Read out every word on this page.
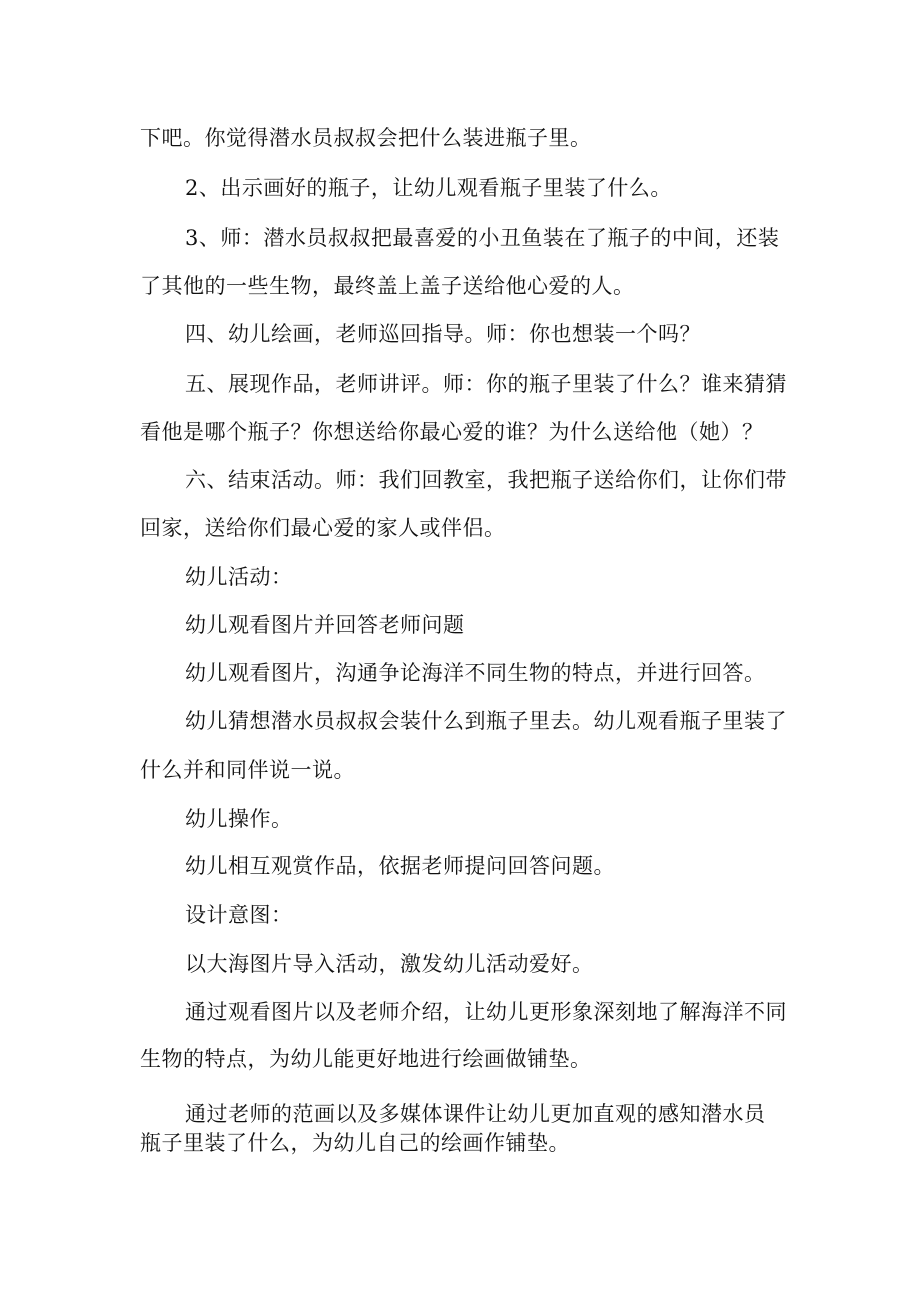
下吧。你觉得潜水员叔叔会把什么装进瓶子里。
2、出示画好的瓶子，让幼儿观看瓶子里装了什么。
3、师：潜水员叔叔把最喜爱的小丑鱼装在了瓶子的中间，还装
了其他的一些生物，最终盖上盖子送给他心爱的人。
四、幼儿绘画，老师巡回指导。师：你也想装一个吗？
五、展现作品，老师讲评。师：你的瓶子里装了什么？谁来猜猜
看他是哪个瓶子？你想送给你最心爱的谁？为什么送给他（她）？
六、结束活动。师：我们回教室，我把瓶子送给你们，让你们带
回家，送给你们最心爱的家人或伴侣。
幼儿活动：
幼儿观看图片并回答老师问题
幼儿观看图片，沟通争论海洋不同生物的特点，并进行回答。
幼儿猜想潜水员叔叔会装什么到瓶子里去。幼儿观看瓶子里装了
什么并和同伴说一说。
幼儿操作。
幼儿相互观赏作品，依据老师提问回答问题。
设计意图：
以大海图片导入活动，激发幼儿活动爱好。
通过观看图片以及老师介绍，让幼儿更形象深刻地了解海洋不同
生物的特点，为幼儿能更好地进行绘画做铺垫。
通过老师的范画以及多媒体课件让幼儿更加直观的感知潜水员
瓶子里装了什么，为幼儿自己的绘画作铺垫。
